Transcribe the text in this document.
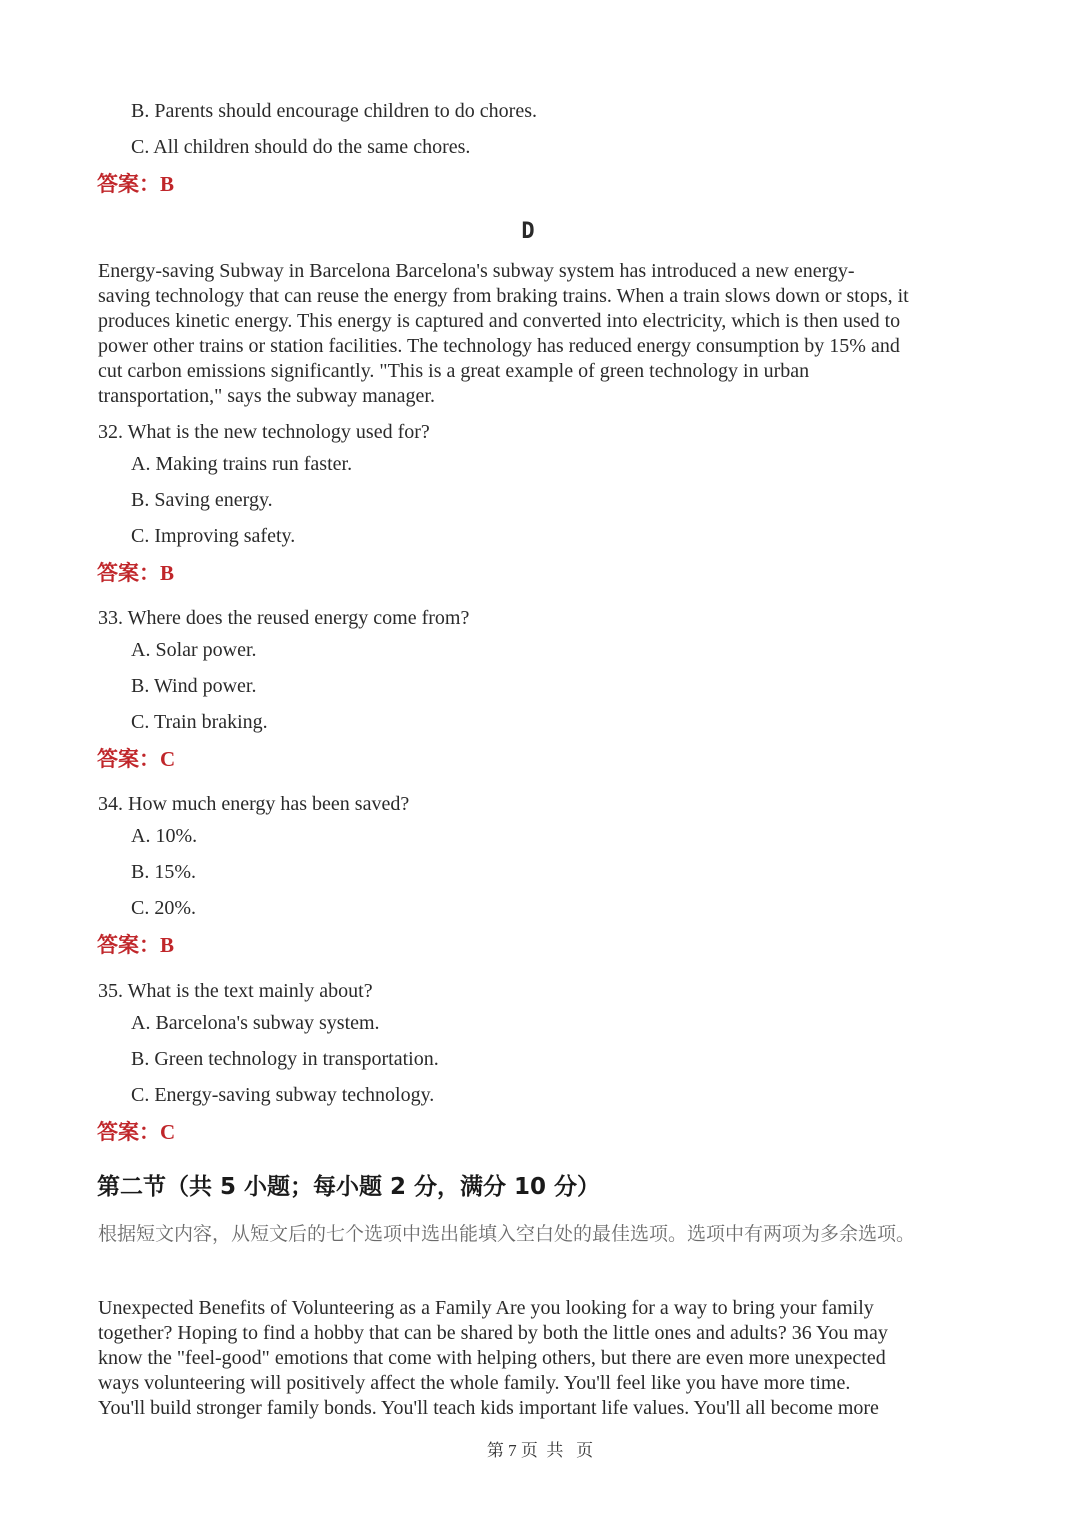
B. Parents should encourage children to do chores.
C. All children should do the same chores.
答案：B
D
Energy-saving Subway in Barcelona Barcelona's subway system has introduced a new energy-
saving technology that can reuse the energy from braking trains. When a train slows down or stops, it
produces kinetic energy. This energy is captured and converted into electricity, which is then used to
power other trains or station facilities. The technology has reduced energy consumption by 15% and
cut carbon emissions significantly. "This is a great example of green technology in urban
transportation," says the subway manager.
32. What is the new technology used for?
A. Making trains run faster.
B. Saving energy.
C. Improving safety.
答案：B
33. Where does the reused energy come from?
A. Solar power.
B. Wind power.
C. Train braking.
答案：C
34. How much energy has been saved?
A. 10%.
B. 15%.
C. 20%.
答案：B
35. What is the text mainly about?
A. Barcelona's subway system.
B. Green technology in transportation.
C. Energy-saving subway technology.
答案：C
第二节（共 5 小题；每小题 2 分，满分 10 分）
根据短文内容，从短文后的七个选项中选出能填入空白处的最佳选项。选项中有两项为多余选项。
Unexpected Benefits of Volunteering as a Family Are you looking for a way to bring your family
together? Hoping to find a hobby that can be shared by both the little ones and adults? 36 You may
know the "feel-good" emotions that come with helping others, but there are even more unexpected
ways volunteering will positively affect the whole family. You'll feel like you have more time.
You'll build stronger family bonds. You'll teach kids important life values. You'll all become more
第 7 页  共   页
